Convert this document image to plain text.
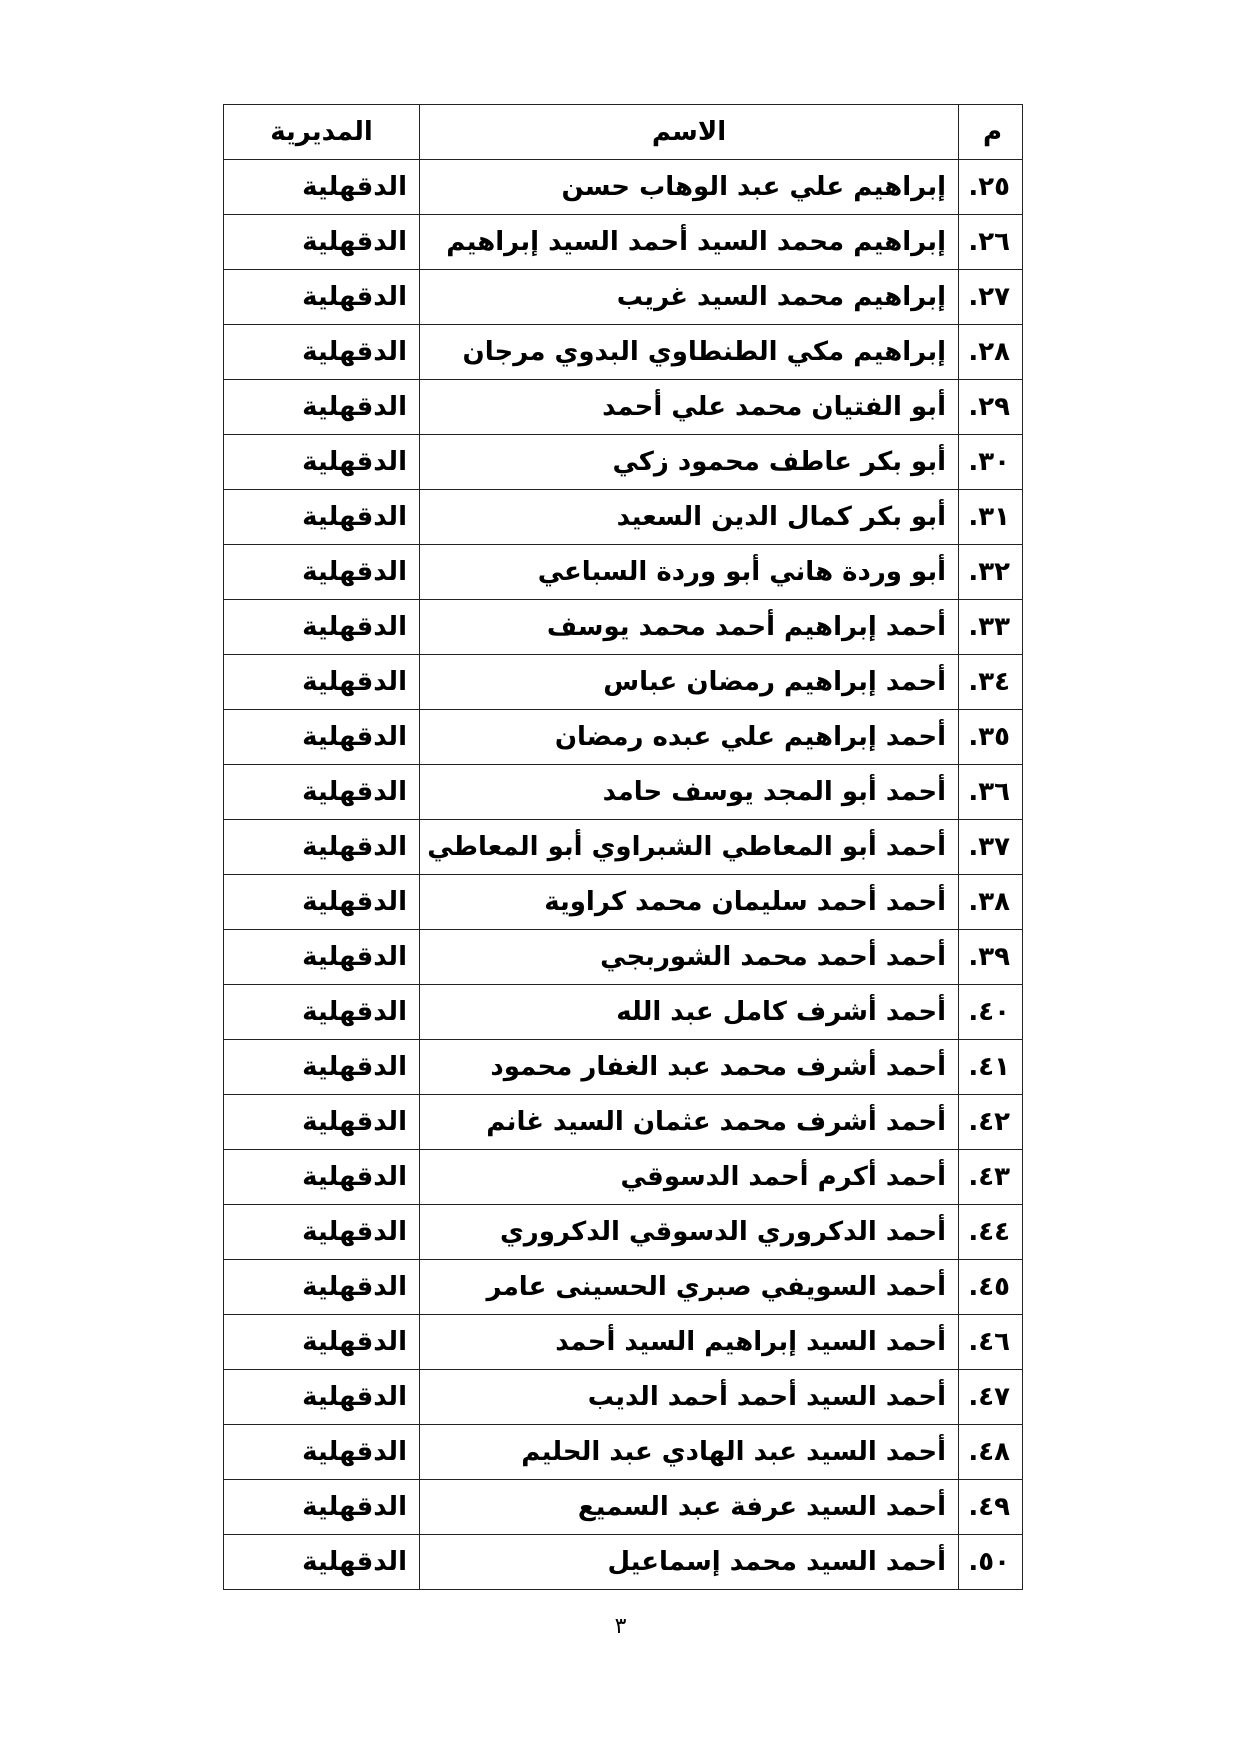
م	الاسم	المديرية
٢٥.	إبراهيم علي عبد الوهاب حسن	الدقهلية
٢٦.	إبراهيم محمد السيد أحمد السيد إبراهيم	الدقهلية
٢٧.	إبراهيم محمد السيد غريب	الدقهلية
٢٨.	إبراهيم مكي الطنطاوي البدوي مرجان	الدقهلية
٢٩.	أبو الفتيان محمد علي أحمد	الدقهلية
٣٠.	أبو بكر عاطف محمود زكي	الدقهلية
٣١.	أبو بكر كمال الدين السعيد	الدقهلية
٣٢.	أبو وردة هاني أبو وردة السباعي	الدقهلية
٣٣.	أحمد إبراهيم أحمد محمد يوسف	الدقهلية
٣٤.	أحمد إبراهيم رمضان عباس	الدقهلية
٣٥.	أحمد إبراهيم علي عبده رمضان	الدقهلية
٣٦.	أحمد أبو المجد يوسف حامد	الدقهلية
٣٧.	أحمد أبو المعاطي الشبراوي أبو المعاطي	الدقهلية
٣٨.	أحمد أحمد سليمان محمد كراوية	الدقهلية
٣٩.	أحمد أحمد محمد الشوربجي	الدقهلية
٤٠.	أحمد أشرف كامل عبد الله	الدقهلية
٤١.	أحمد أشرف محمد عبد الغفار محمود	الدقهلية
٤٢.	أحمد أشرف محمد عثمان السيد غانم	الدقهلية
٤٣.	أحمد أكرم أحمد الدسوقي	الدقهلية
٤٤.	أحمد الدكروري الدسوقي الدكروري	الدقهلية
٤٥.	أحمد السويفي صبري الحسينى عامر	الدقهلية
٤٦.	أحمد السيد إبراهيم السيد أحمد	الدقهلية
٤٧.	أحمد السيد أحمد أحمد الديب	الدقهلية
٤٨.	أحمد السيد عبد الهادي عبد الحليم	الدقهلية
٤٩.	أحمد السيد عرفة عبد السميع	الدقهلية
٥٠.	أحمد السيد محمد إسماعيل	الدقهلية
٣
